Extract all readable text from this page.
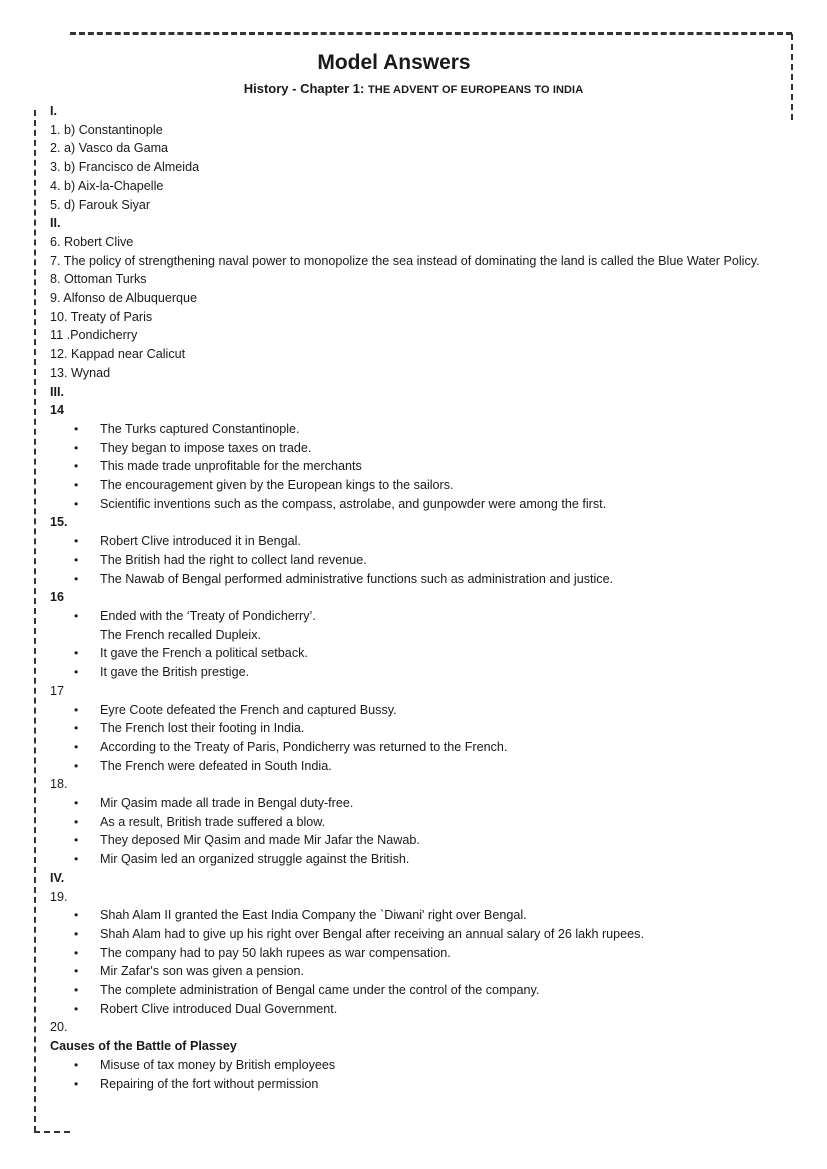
Model Answers
History - Chapter 1: THE ADVENT OF EUROPEANS TO INDIA
I.
1. b) Constantinople
2. a) Vasco da Gama
3. b) Francisco de Almeida
4. b) Aix-la-Chapelle
5. d) Farouk Siyar
II.
6. Robert Clive
7. The policy of strengthening naval power to monopolize the sea instead of dominating the land is called the Blue Water Policy.
8. Ottoman Turks
9. Alfonso de Albuquerque
10. Treaty of Paris
11 .Pondicherry
12. Kappad near Calicut
13. Wynad
III.
14
• The Turks captured Constantinople.
• They began to impose taxes on trade.
• This made trade unprofitable for the merchants
• The encouragement given by the European kings to the sailors.
• Scientific inventions such as the compass, astrolabe, and gunpowder were among the first.
15.
• Robert Clive introduced it in Bengal.
• The British had the right to collect land revenue.
• The Nawab of Bengal performed administrative functions such as administration and justice.
16
• Ended with the ‘Treaty of Pondicherry’.
The French recalled Dupleix.
• It gave the French a political setback.
• It gave the British prestige.
17
• Eyre Coote defeated the French and captured Bussy.
• The French lost their footing in India.
• According to the Treaty of Paris, Pondicherry was returned to the French.
• The French were defeated in South India.
18.
• Mir Qasim made all trade in Bengal duty-free.
• As a result, British trade suffered a blow.
• They deposed Mir Qasim and made Mir Jafar the Nawab.
• Mir Qasim led an organized struggle against the British.
IV.
19.
• Shah Alam II granted the East India Company the `Diwani' right over Bengal.
• Shah Alam had to give up his right over Bengal after receiving an annual salary of 26 lakh rupees.
• The company had to pay 50 lakh rupees as war compensation.
• Mir Zafar's son was given a pension.
• The complete administration of Bengal came under the control of the company.
• Robert Clive introduced Dual Government.
20.
Causes of the Battle of Plassey
• Misuse of tax money by British employees
• Repairing of the fort without permission
